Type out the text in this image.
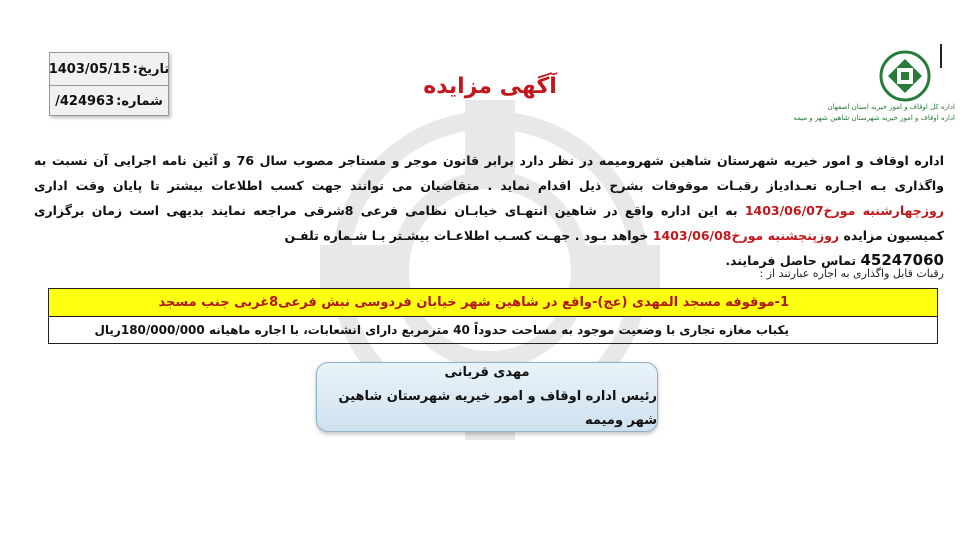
تاریخ:
1403/05/15
شماره:
424963/
آگهی مزایده
اداره کل اوقاف و امور خیریه استان اصفهان
اداره اوقاف و امور خیریه شهرستان شاهین شهر و میمه
اداره اوقاف و امور خیریه شهرستان شاهین شهرومیمه در نظر دارد برابر قانون موجر و مستاجر مصوب سال 76 و آئین نامه اجرایی آن نسبت به واگذاری بـه اجـاره تعـدادیاز رقبـات موقوفات بشرح ذیل اقدام نماید . متقاضیان می توانند جهت کسب اطلاعات بیشتر تا پایان وقت اداری روزچهارشنبه مورخ1403/06/07 به این اداره واقع در شاهین انتهـای خیابـان نظامی فرعی 8شرقی مراجعه نمایند بدیهی است زمان برگزاری کمیسیون مزایده روزپنجشنبه مورخ1403/06/08 خواهد بـود . جهـت کسـب اطلاعـات بیشـتر بـا شـماره تلفـن
45247060 تماس حاصل فرمایند.
رقبات قابل واگذاری به اجاره عبارتند از :
1-موقوفه مسجد المهدی (عج)-واقع در شاهین شهر خیابان فردوسی نبش فرعی8غربی جنب مسجد
یکباب مغازه تجاری با وضعیت موجود به مساحت حدوداً 40 مترمربع دارای انشعابات، با اجاره ماهیانه 180/000/000ریال
مهدی قربانی
رئیس اداره اوقاف و امور خیریه شهرستان شاهین شهر ومیمه
